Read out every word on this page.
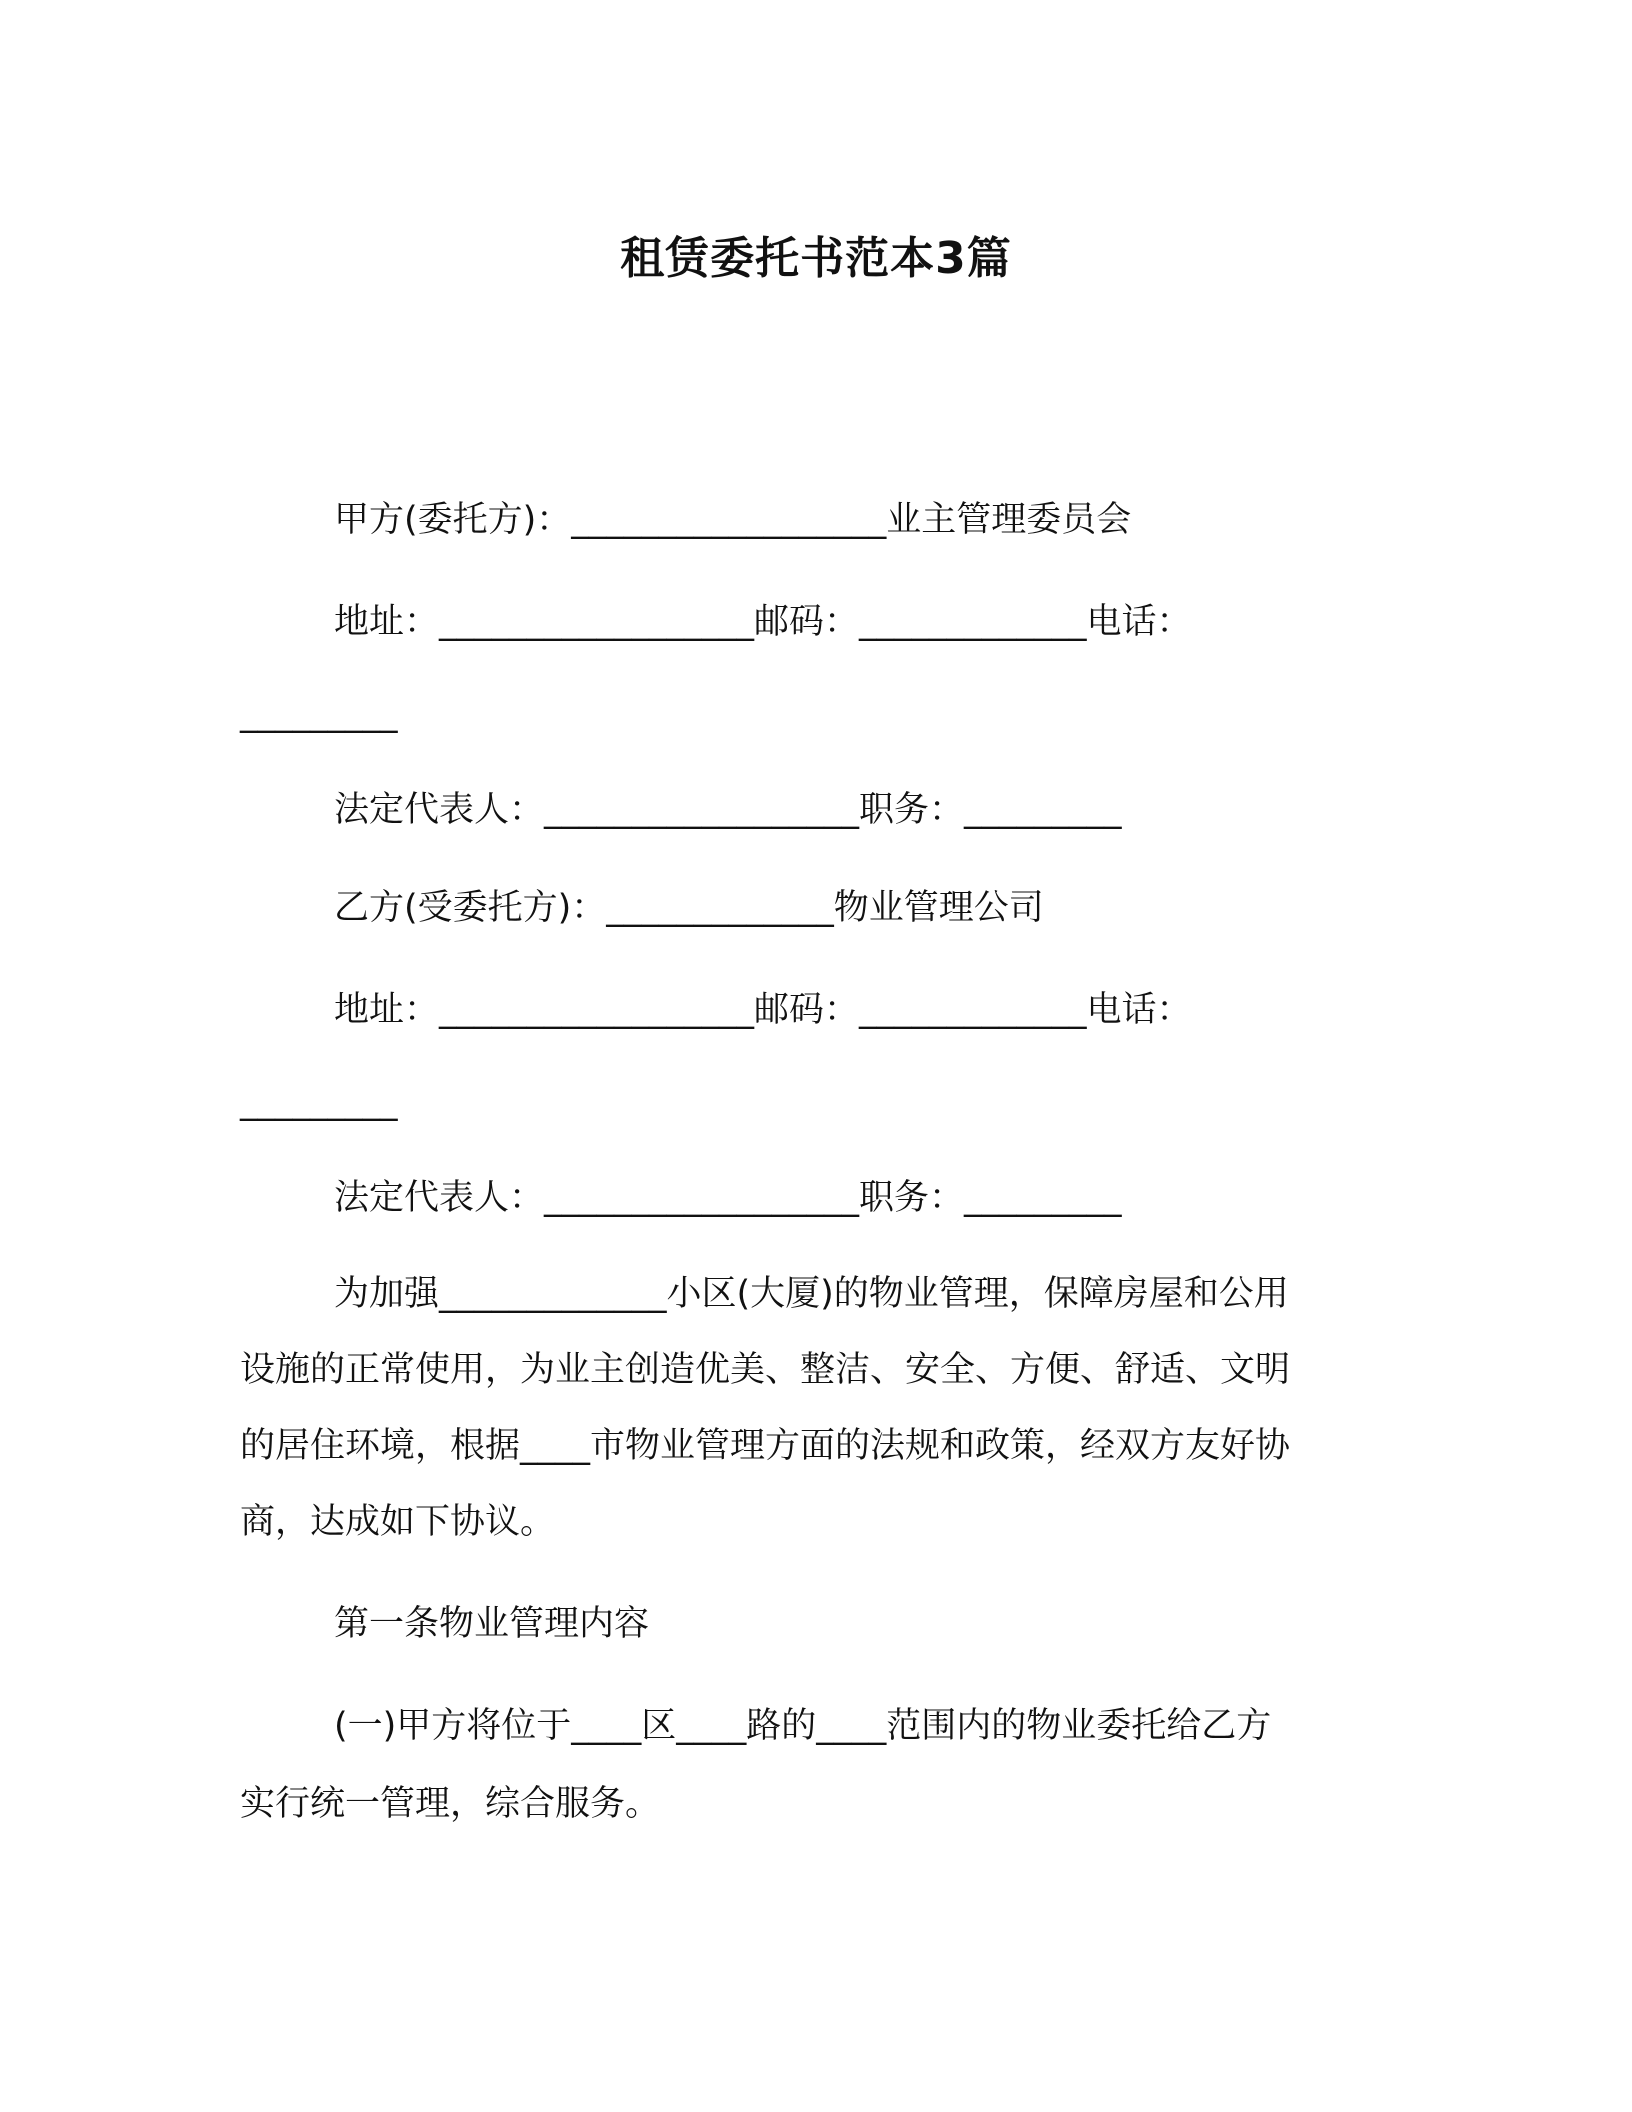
租赁委托书范本3篇

甲方(委托方)：__________________业主管理委员会

地址：__________________邮码：_____________电话：

_________

法定代表人：__________________职务：_________

乙方(受委托方)：_____________物业管理公司

地址：__________________邮码：_____________电话：

_________

法定代表人：__________________职务：_________

为加强_____________小区(大厦)的物业管理，保障房屋和公用

设施的正常使用，为业主创造优美、整洁、安全、方便、舒适、文明

的居住环境，根据____市物业管理方面的法规和政策，经双方友好协

商，达成如下协议。

第一条物业管理内容

(一)甲方将位于____区____路的____范围内的物业委托给乙方

实行统一管理，综合服务。
